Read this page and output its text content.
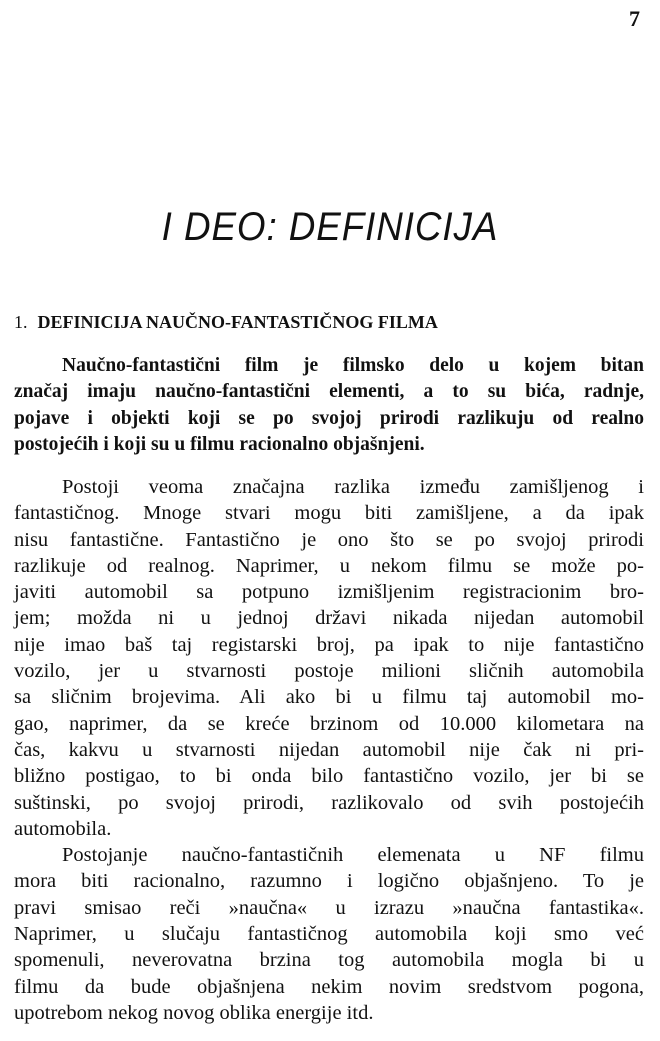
7
I DEO: DEFINICIJA
1. DEFINICIJA NAUČNO-FANTASTIČNOG FILMA
Naučno-fantastični film je filmsko delo u kojem bitan
značaj imaju naučno-fantastični elementi, a to su bića, radnje,
pojave i objekti koji se po svojoj prirodi razlikuju od realno
postojećih i koji su u filmu racionalno objašnjeni.
Postoji veoma značajna razlika između zamišljenog i
fantastičnog. Mnoge stvari mogu biti zamišljene, a da ipak
nisu fantastične. Fantastično je ono što se po svojoj prirodi
razlikuje od realnog. Naprimer, u nekom filmu se može po-
javiti automobil sa potpuno izmišljenim registracionim bro-
jem; možda ni u jednoj državi nikada nijedan automobil
nije imao baš taj registarski broj, pa ipak to nije fantastično
vozilo, jer u stvarnosti postoje milioni sličnih automobila
sa sličnim brojevima. Ali ako bi u filmu taj automobil mo-
gao, naprimer, da se kreće brzinom od 10.000 kilometara na
čas, kakvu u stvarnosti nijedan automobil nije čak ni pri-
bližno postigao, to bi onda bilo fantastično vozilo, jer bi se
suštinski, po svojoj prirodi, razlikovalo od svih postojećih
automobila.
Postojanje naučno-fantastičnih elemenata u NF filmu
mora biti racionalno, razumno i logično objašnjeno. To je
pravi smisao reči »naučna« u izrazu »naučna fantastika«.
Naprimer, u slučaju fantastičnog automobila koji smo već
spomenuli, neverovatna brzina tog automobila mogla bi u
filmu da bude objašnjena nekim novim sredstvom pogona,
upotrebom nekog novog oblika energije itd.
